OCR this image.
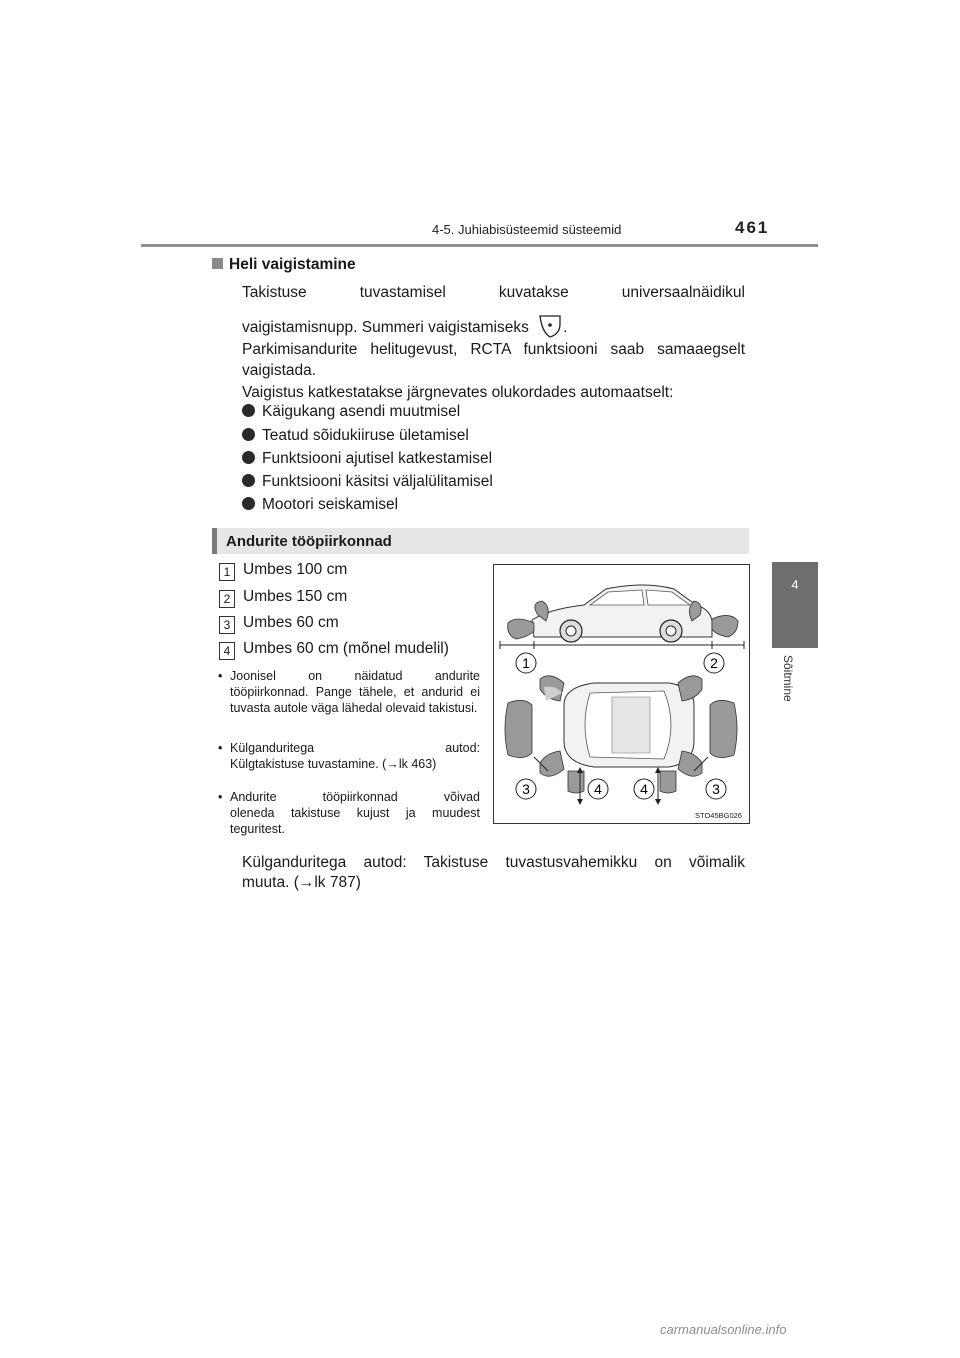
4-5. Juhiabisüsteemid süsteemid	461
4
Sõitmine
Heli vaigistamine
Takistuse tuvastamisel kuvatakse universaalnäidikul
vaigistamisnupp. Summeri vaigistamiseks .
Parkimisandurite helitugevust, RCTA funktsiooni saab samaaegselt
vaigistada.
Vaigistus katkestatakse järgnevates olukordades automaatselt:
Käigukang asendi muutmisel
Teatud sõidukiiruse ületamisel
Funktsiooni ajutisel katkestamisel
Funktsiooni käsitsi väljalülitamisel
Mootori seiskamisel
Andurite tööpiirkonnad
1 Umbes 100 cm
2 Umbes 150 cm
3 Umbes 60 cm
4 Umbes 60 cm (mõnel mudelil)
• Joonisel on näidatud andurite
tööpiirkonnad. Pange tähele, et andurid ei tuvasta autole väga lähedal olevaid takistusi.
• Külganduritega autod:
Külgtakistuse tuvastamine. (→lk 463)
• Andurite tööpiirkonnad võivad
oleneda takistuse kujust ja muudest teguritest.
1	2
3	4	4	3
STO45BG026
Külganduritega autod: Takistuse tuvastusvahemikku on võimalik
muuta. (→lk 787)
carmanualsonline.info
